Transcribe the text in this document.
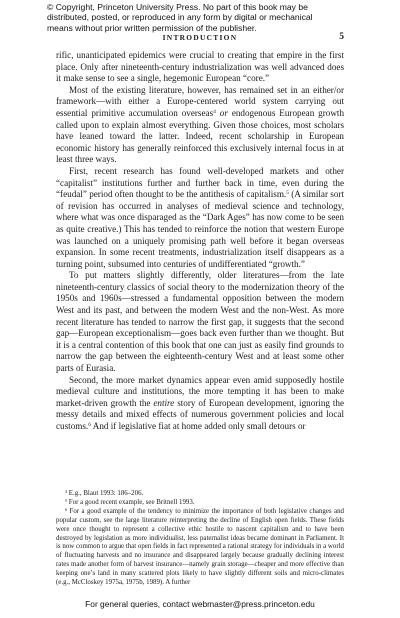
© Copyright, Princeton University Press. No part of this book may be
distributed, posted, or reproduced in any form by digital or mechanical
means without prior written permission of the publisher.
INTRODUCTION	5

rific, unanticipated epidemics were crucial to creating that empire in the first place. Only after nineteenth-century industrialization was well advanced does it make sense to see a single, hegemonic European “core.”

Most of the existing literature, however, has remained set in an either/or framework—with either a Europe-centered world system carrying out essential primitive accumulation overseas$^4$ or endogenous European growth called upon to explain almost everything. Given those choices, most scholars have leaned toward the latter. Indeed, recent scholarship in European economic history has generally reinforced this exclusively internal focus in at least three ways.

First, recent research has found well-developed markets and other “capitalist” institutions further and further back in time, even during the “feudal” period often thought to be the antithesis of capitalism.$^5$ (A similar sort of revision has occurred in analyses of medieval science and technology, where what was once disparaged as the “Dark Ages” has now come to be seen as quite creative.) This has tended to reinforce the notion that western Europe was launched on a uniquely promising path well before it began overseas expansion. In some recent treatments, industrialization itself disappears as a turning point, subsumed into centuries of undifferentiated “growth.”

To put matters slightly differently, older literatures—from the late nineteenth-century classics of social theory to the modernization theory of the 1950s and 1960s—stressed a fundamental opposition between the modern West and its past, and between the modern West and the non-West. As more recent literature has tended to narrow the first gap, it suggests that the second gap—European exceptionalism—goes back even further than we thought. But it is a central contention of this book that one can just as easily find grounds to narrow the gap between the eighteenth-century West and at least some other parts of Eurasia.

Second, the more market dynamics appear even amid supposedly hostile medieval culture and institutions, the more tempting it has been to make market-driven growth the entire story of European development, ignoring the messy details and mixed effects of numerous government policies and local customs.$^6$ And if legislative fiat at home added only small detours or

$^4$ E.g., Blaut 1993: 186–206.

$^5$ For a good recent example, see Britnell 1993.

$^6$ For a good example of the tendency to minimize the importance of both legislative changes and popular custom, see the large literature reinterpreting the decline of English open fields. These fields were once thought to represent a collective ethic hostile to nascent capitalism and to have been destroyed by legislation as more individualist, less paternalist ideas became dominant in Parliament. It is now common to argue that open fields in fact represented a rational strategy for individuals in a world of fluctuating harvests and no insurance and disappeared largely because gradually declining interest rates made another form of harvest insurance—namely grain storage—cheaper and more effective than keeping one’s land in many scattered plots likely to have slightly different soils and micro-climates (e.g., McCloskey 1975a, 1975b, 1989). A further

For general queries, contact webmaster@press.princeton.edu
